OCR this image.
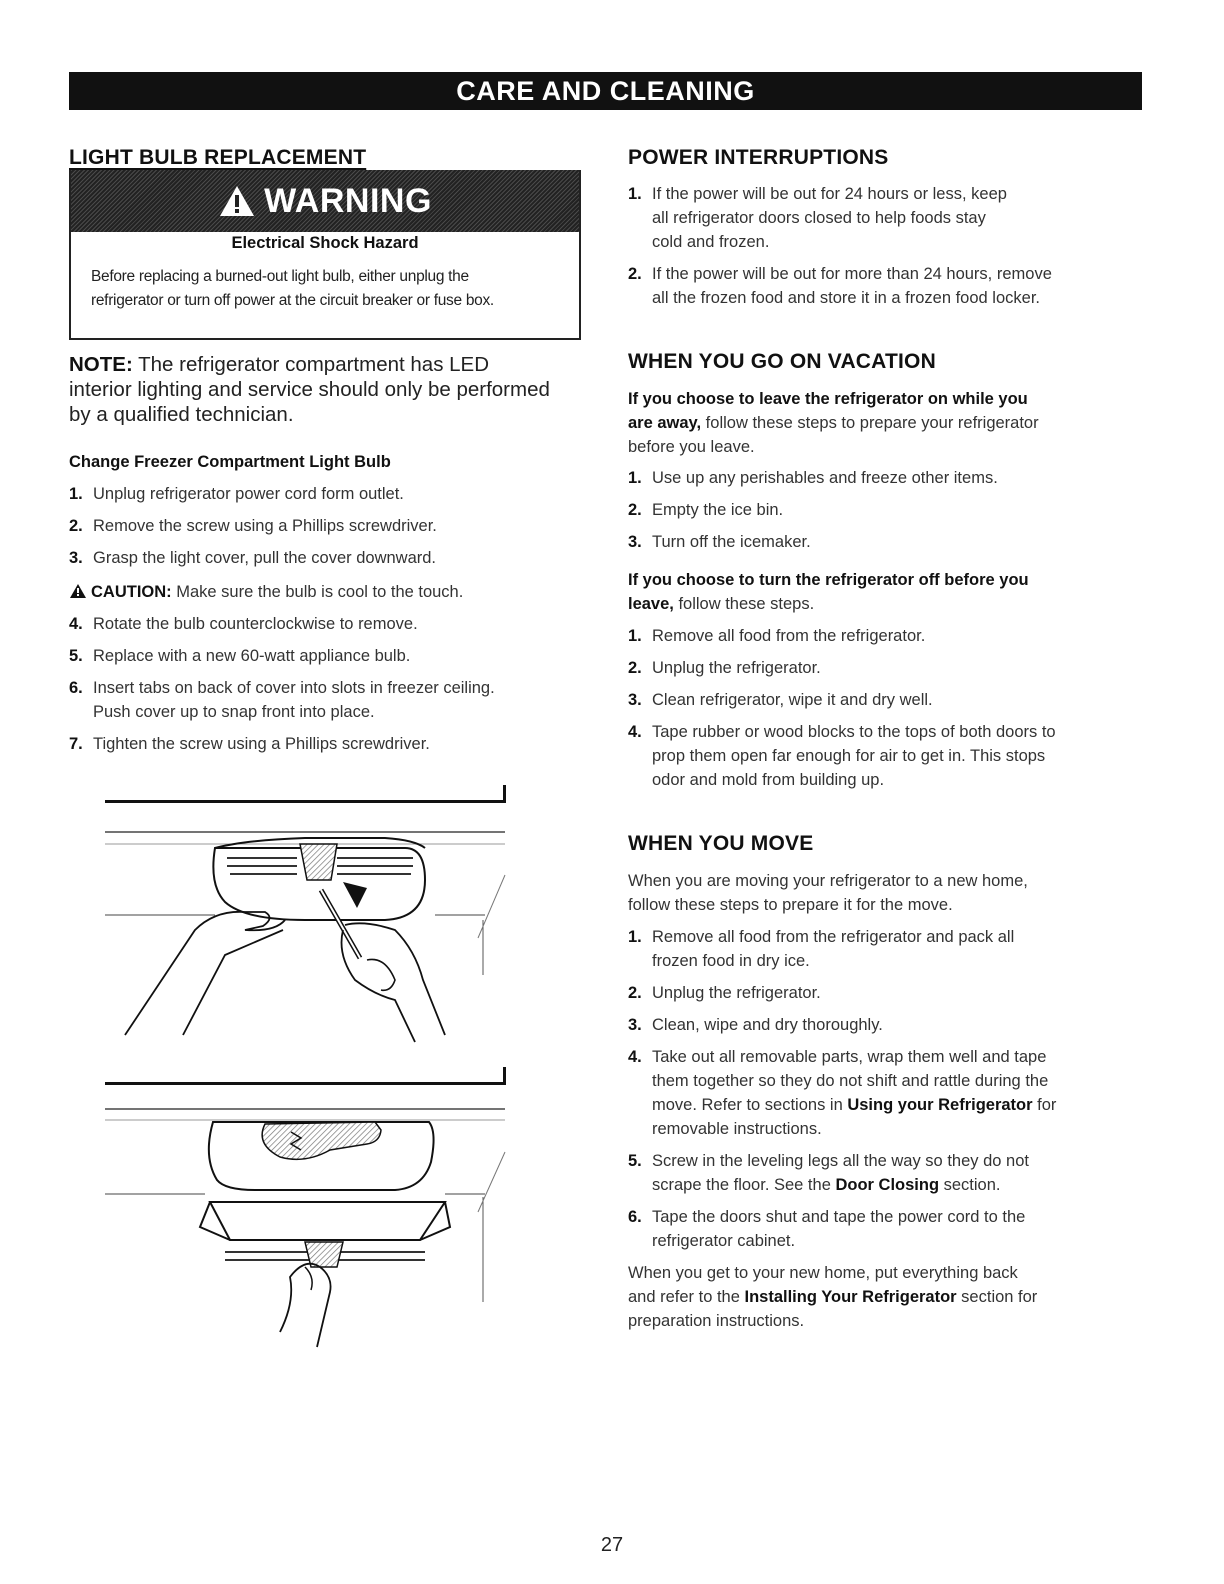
CARE AND CLEANING
LIGHT BULB REPLACEMENT
WARNING
Electrical Shock Hazard
Before replacing a burned-out light bulb, either unplug the
refrigerator or turn off power at the circuit breaker or fuse box.
NOTE: The refrigerator compartment has LED
interior lighting and service should only be performed
by a qualified technician.
Change Freezer Compartment Light Bulb
1. Unplug refrigerator power cord form outlet.
2. Remove the screw using a Phillips screwdriver.
3. Grasp the light cover, pull the cover downward.
CAUTION: Make sure the bulb is cool to the touch.
4. Rotate the bulb counterclockwise to remove.
5. Replace with a new 60-watt appliance bulb.
6. Insert tabs on back of cover into slots in freezer ceiling.
Push cover up to snap front into place.
7. Tighten the screw using a Phillips screwdriver.
POWER INTERRUPTIONS
1. If the power will be out for 24 hours or less, keep
all refrigerator doors closed to help foods stay
cold and frozen.
2. If the power will be out for more than 24 hours, remove
all the frozen food and store it in a frozen food locker.
WHEN YOU GO ON VACATION
If you choose to leave the refrigerator on while you
are away, follow these steps to prepare your refrigerator
before you leave.
1. Use up any perishables and freeze other items.
2. Empty the ice bin.
3. Turn off the icemaker.
If you choose to turn the refrigerator off before you
leave, follow these steps.
1. Remove all food from the refrigerator.
2. Unplug the refrigerator.
3. Clean refrigerator, wipe it and dry well.
4. Tape rubber or wood blocks to the tops of both doors to
prop them open far enough for air to get in. This stops
odor and mold from building up.
WHEN YOU MOVE
When you are moving your refrigerator to a new home,
follow these steps to prepare it for the move.
1. Remove all food from the refrigerator and pack all
frozen food in dry ice.
2. Unplug the refrigerator.
3. Clean, wipe and dry thoroughly.
4. Take out all removable parts, wrap them well and tape
them together so they do not shift and rattle during the
move. Refer to sections in Using your Refrigerator for
removable instructions.
5. Screw in the leveling legs all the way so they do not
scrape the floor. See the Door Closing section.
6. Tape the doors shut and tape the power cord to the
refrigerator cabinet.
When you get to your new home, put everything back
and refer to the Installing Your Refrigerator section for
preparation instructions.
27
